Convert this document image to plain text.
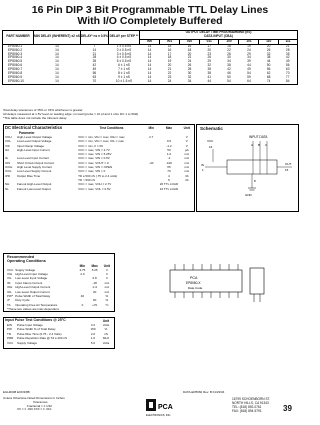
16 Pin DIP 3 Bit Programmable TTL Delay Lines
With I/O Completely Buffered
PART NUMBER	MIN DELAY (INHERENT) ±2 nS	DELAY* ns ± 0.5%	DELAY per STEP **	OUTPUT DELAY TIME PROGRAMMING (nS)
DATA INPUT (CBA)							

				000	001	010	011	100	101	110	111
EP8060-1	14	7	1 ± 0.5 nS	14	15	16	17	18	19	20	21
EP8060-2	14	14	2 ± 0.5 nS	14	16	18	20	22	24	26	28
EP8060-3	14	21	3 ± 0.5 nS	14	17	20	23	26	29	32	35
EP8060-4	14	28	4 ± 0.5 nS	14	18	22	26	30	34	38	42
EP8060-5	14	35	5 ± 0.5 nS	14	19	24	29	34	39	44	49
EP8060-6	14	42	6 ± 1 nS	14	20	26	32	38	44	50	56
EP8060-7	14	49	7 ± 1 nS	14	21	28	35	42	49	56	63
EP8060-8	14	56	8 ± 1 nS	14	22	30	38	46	54	62	70
EP8060-9	14	63	9 ± 1 nS	14	23	32	41	50	59	68	77
EP8060-10	14	70	10 ± 1.5 nS	14	24	34	44	54	64	74	84
Total delay tolerances of ±5% or ±3% whichever is greater.
All delays measured at 1.5V level on leading edge; no load (probe = 10 pf and 1 ohm DC 1 to 50Ω)
*This table does not include the inherent delay.
DC Electrical Characteristics	Test Conditions	Min	Max	Unit
Parameter				
VOH High-Level Output Voltage	VCC = min, VIH = max, IOH = max	2.7		V
VOL Low-Level Output Voltage	VCC = min, VIH = max, IOL = max		0.5	V
VIK Input Clamp Voltage	VCC = min, II = IIK		-1.2	V
IIH High-Level Input Current	VCC = max, VIN = 2.7V		50	µA
	VCC = max, VIN = 5.25V		1.0	mA
IIL Low-Level Input Current	VCC = max, VIN = 0.5V		-2	mA
IOS Short Circuit Output Current	VCC = max, VOUT = 0	-40	-100	mA
ICCH High Level Supply Current	VCC = max, VIN = OPEN		65	mA
ICCL Low Level Supply Current	VCC = max, VIN = 0		70	mA
tPD Output Rise Time	TD ≤ 500 nS (.75 to 2.4 volts)		4	nS
	TD > 500 nS		5	nS
NH Fanout High-Level Output	VCC = max, VOH = 2.7V		20 TTL LOAD	
NL Fanout Low-Level Output	VCC = max, VOL = 0.5V		10 TTL LOAD	
Schematic
INPUT DATA
A B C
VCC
16
IN
1
OUT
15
GND
8
Recommended
Operating Conditions
		Min	Max	Unit
VCC	Supply Voltage	4.75	5.25	V
VIH	High-Level Input Voltage	2.0		V
VIL	Low-Level Input Voltage		0.8	V
IIK	Input Clamp Current		-18	mA
IOH	High-Level Output Current		-1.0	mA
IOL	Low-Level Output Current		20	mA
PW*	Pulse Width of Total Delay	40		%
d*	Duty Cycle		60	%
TA	Operating Free Air Temperature	0	+70	°C
*These two values are inter-dependent.
PCA
EP8060-X
Date Code
Input Pulse Test Conditions @ 25°C			Unit
EIN	Pulse Input Voltage	3.2	Volts
PW	Pulse Width % of Total Delay	150	%
TR	Pulse Rise Time (0.75 - 2.4 Volts)	2.0	nS
PRR	Pulse Repetition Rate @ Td ≤ 200 nS	1.0	MHz
VCC	Supply Voltage	5.0	Volts
EGH0008 EOD3/8B
Unless Otherwise Noted Dimensions in Inches
Tolerances
Fractional = ± 1/32
XX = ± .030 XXX = ± .010
DATA-EP8060 Rev. B 01/23/04
PCA
ELECTRONICS, INC.
16799 SCHOENBORN ST.
NORTH HILLS, CA 91343
TEL: (818) 892-0761
FAX: (818) 894-5791	39
